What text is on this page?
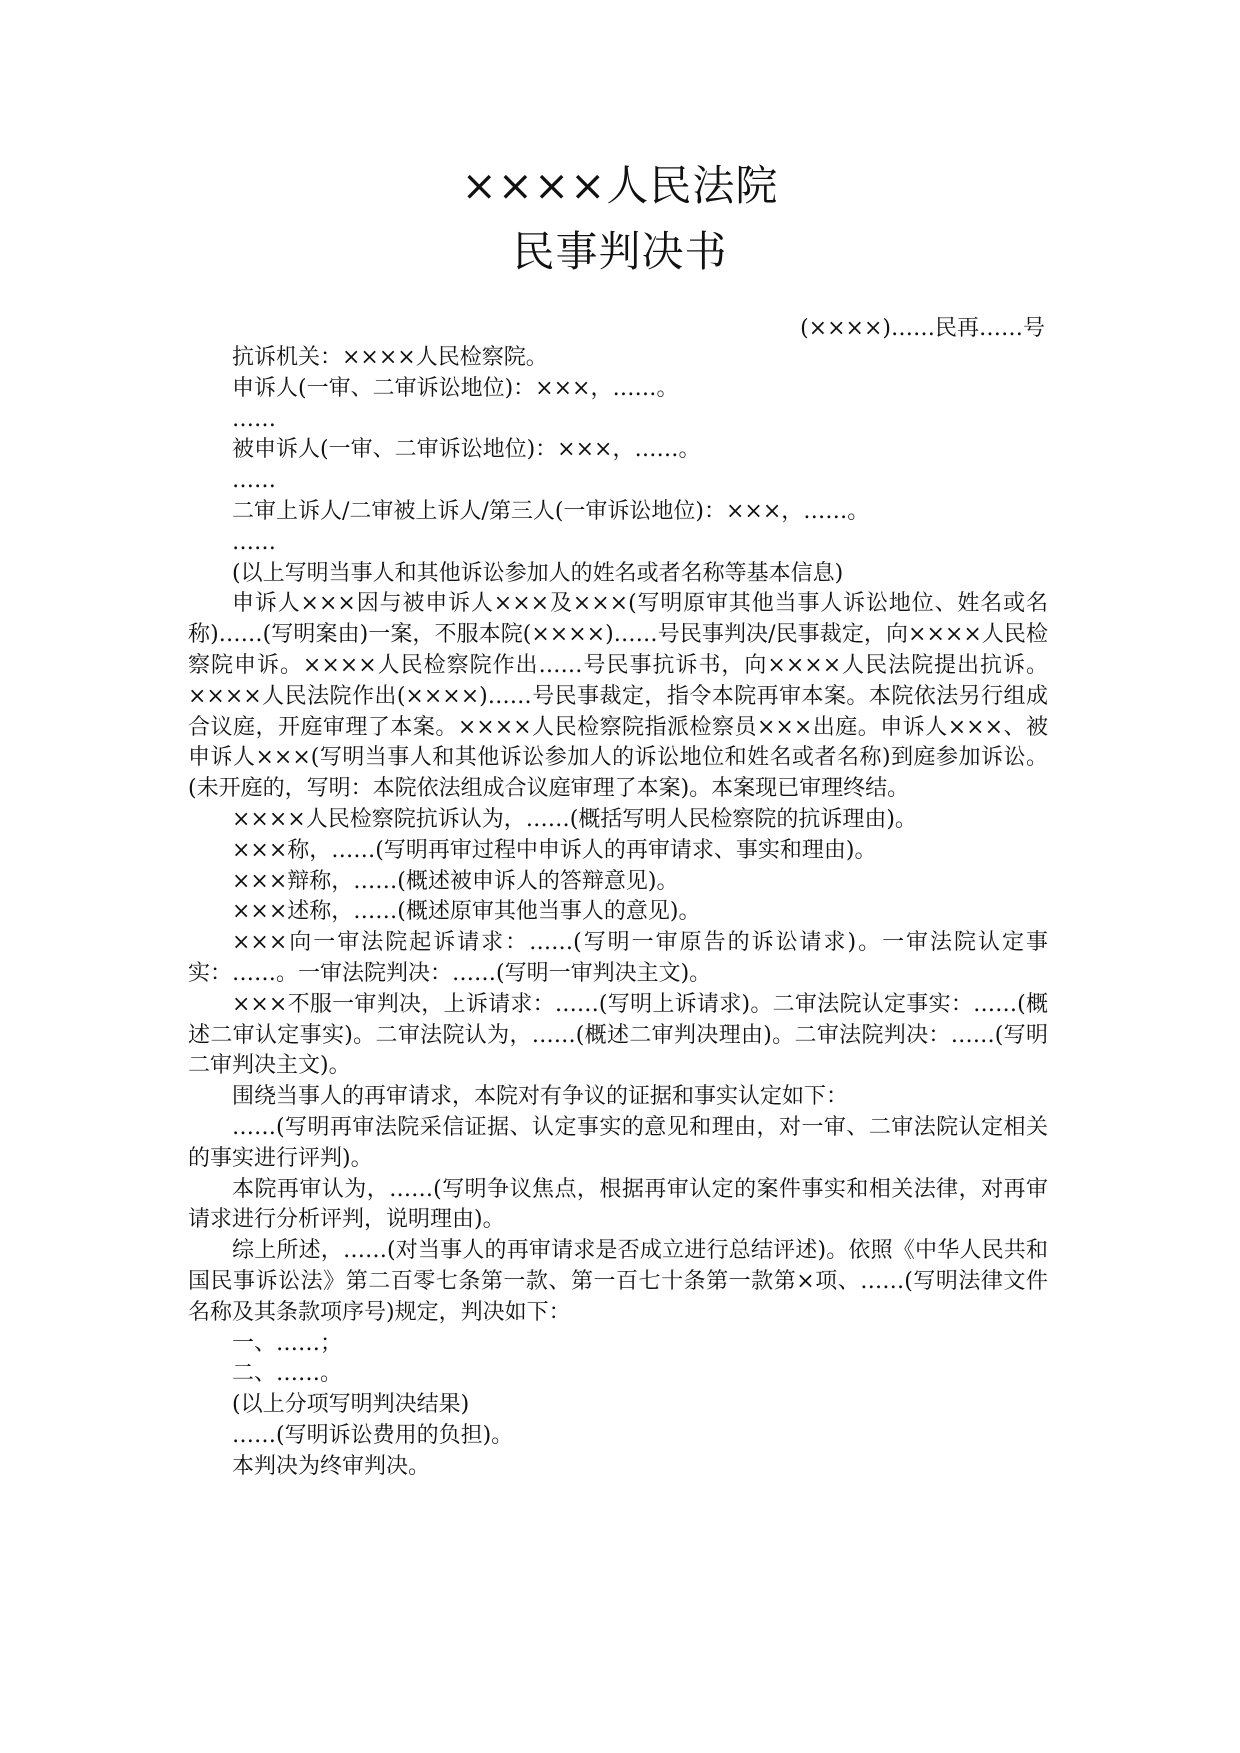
××××人民法院
民事判决书
(××××)……民再……号

抗诉机关：××××人民检察院。

申诉人(一审、二审诉讼地位)：×××，……。

……

被申诉人(一审、二审诉讼地位)：×××，……。

……

二审上诉人/二审被上诉人/第三人(一审诉讼地位)：×××，……。

……

(以上写明当事人和其他诉讼参加人的姓名或者名称等基本信息)

申诉人×××因与被申诉人×××及×××(写明原审其他当事人诉讼地位、姓名或名称)……(写明案由)一案，不服本院(××××)……号民事判决/民事裁定，向××××人民检察院申诉。××××人民检察院作出……号民事抗诉书，向××××人民法院提出抗诉。××××人民法院作出(××××)……号民事裁定，指令本院再审本案。本院依法另行组成合议庭，开庭审理了本案。××××人民检察院指派检察员×××出庭。申诉人×××、被申诉人×××(写明当事人和其他诉讼参加人的诉讼地位和姓名或者名称)到庭参加诉讼。(未开庭的，写明：本院依法组成合议庭审理了本案)。本案现已审理终结。

××××人民检察院抗诉认为，……(概括写明人民检察院的抗诉理由)。

×××称，……(写明再审过程中申诉人的再审请求、事实和理由)。

×××辩称，……(概述被申诉人的答辩意见)。

×××述称，……(概述原审其他当事人的意见)。

×××向一审法院起诉请求：……(写明一审原告的诉讼请求)。一审法院认定事实：……。一审法院判决：……(写明一审判决主文)。

×××不服一审判决，上诉请求：……(写明上诉请求)。二审法院认定事实：……(概述二审认定事实)。二审法院认为，……(概述二审判决理由)。二审法院判决：……(写明二审判决主文)。

围绕当事人的再审请求，本院对有争议的证据和事实认定如下：

……(写明再审法院采信证据、认定事实的意见和理由，对一审、二审法院认定相关的事实进行评判)。

本院再审认为，……(写明争议焦点，根据再审认定的案件事实和相关法律，对再审请求进行分析评判，说明理由)。

综上所述，……(对当事人的再审请求是否成立进行总结评述)。依照《中华人民共和国民事诉讼法》第二百零七条第一款、第一百七十条第一款第×项、……(写明法律文件名称及其条款项序号)规定，判决如下：

一、……；

二、……。

(以上分项写明判决结果)

……(写明诉讼费用的负担)。

本判决为终审判决。
